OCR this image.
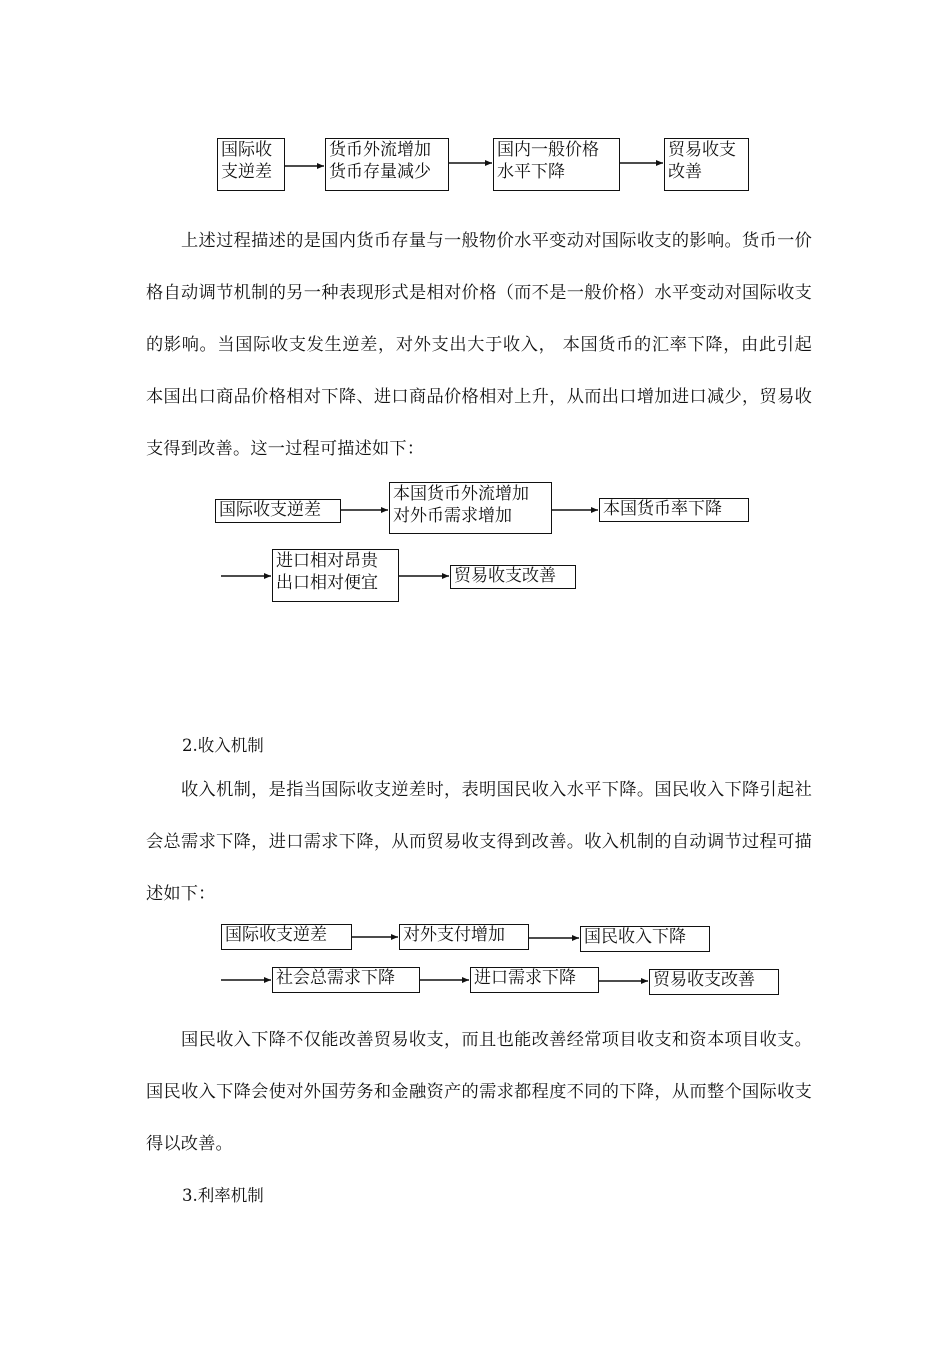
国际收
支逆差
货币外流增加
货币存量减少
国内一般价格
水平下降
贸易收支
改善

上述过程描述的是国内货币存量与一般物价水平变动对国际收支的影响。货币一价格自动调节机制的另一种表现形式是相对价格（而不是一般价格）水平变动对国际收支的影响。当国际收支发生逆差，对外支出大于收入， 本国货币的汇率下降，由此引起本国出口商品价格相对下降、进口商品价格相对上升，从而出口增加进口减少，贸易收支得到改善。这一过程可描述如下：

国际收支逆差
本国货币外流增加
对外币需求增加	本国货币率下降
进口相对昂贵
出口相对便宜	贸易收支改善

2.收入机制

收入机制，是指当国际收支逆差时，表明国民收入水平下降。国民收入下降引起社会总需求下降，进口需求下降，从而贸易收支得到改善。收入机制的自动调节过程可描述如下：

国际收支逆差	对外支付增加	国民收入下降
社会总需求下降	进口需求下降	贸易收支改善

国民收入下降不仅能改善贸易收支，而且也能改善经常项目收支和资本项目收支。国民收入下降会使对外国劳务和金融资产的需求都程度不同的下降，从而整个国际收支得以改善。

3.利率机制
